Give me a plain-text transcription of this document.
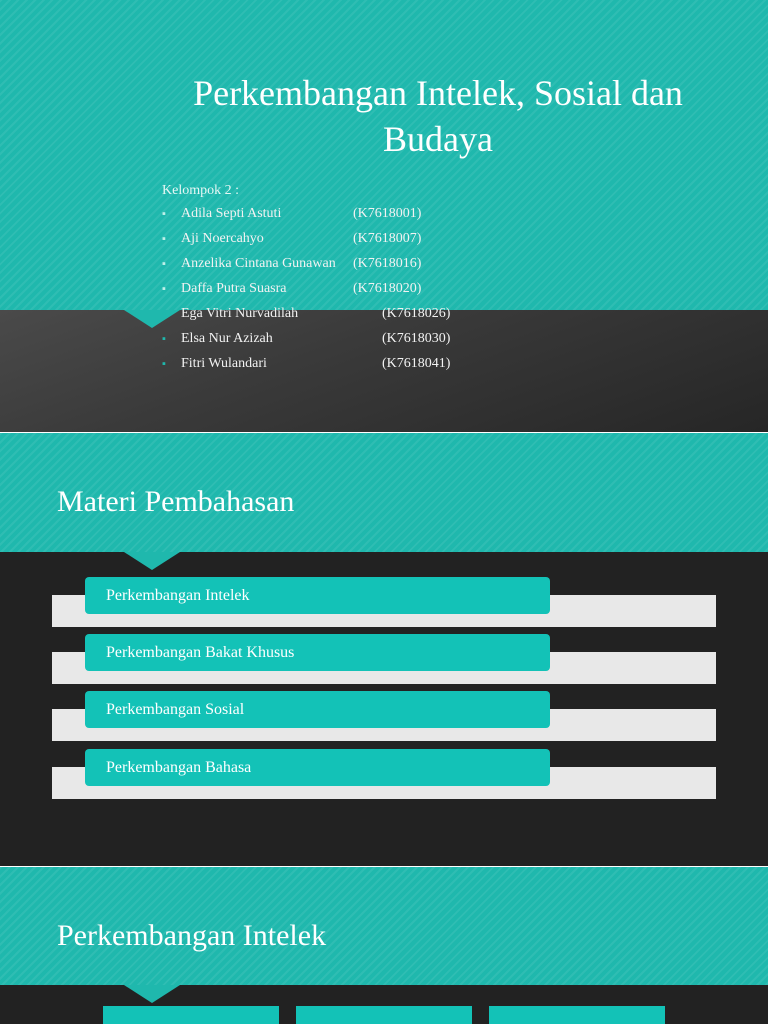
Perkembangan Intelek, Sosial dan Budaya
Kelompok 2 :
▪ Adila Septi Astuti	(K7618001)
▪ Aji Noercahyo	(K7618007)
▪ Anzelika Cintana Gunawan (K7618016)
▪ Daffa Putra Suasra	(K7618020)
▪ Ega Vitri Nurvadilah	(K7618026)
▪ Elsa Nur Azizah	(K7618030)
▪ Fitri Wulandari	(K7618041)
Materi Pembahasan
Perkembangan Intelek
Perkembangan Bakat Khusus
Perkembangan Sosial
Perkembangan Bahasa
Perkembangan Intelek
